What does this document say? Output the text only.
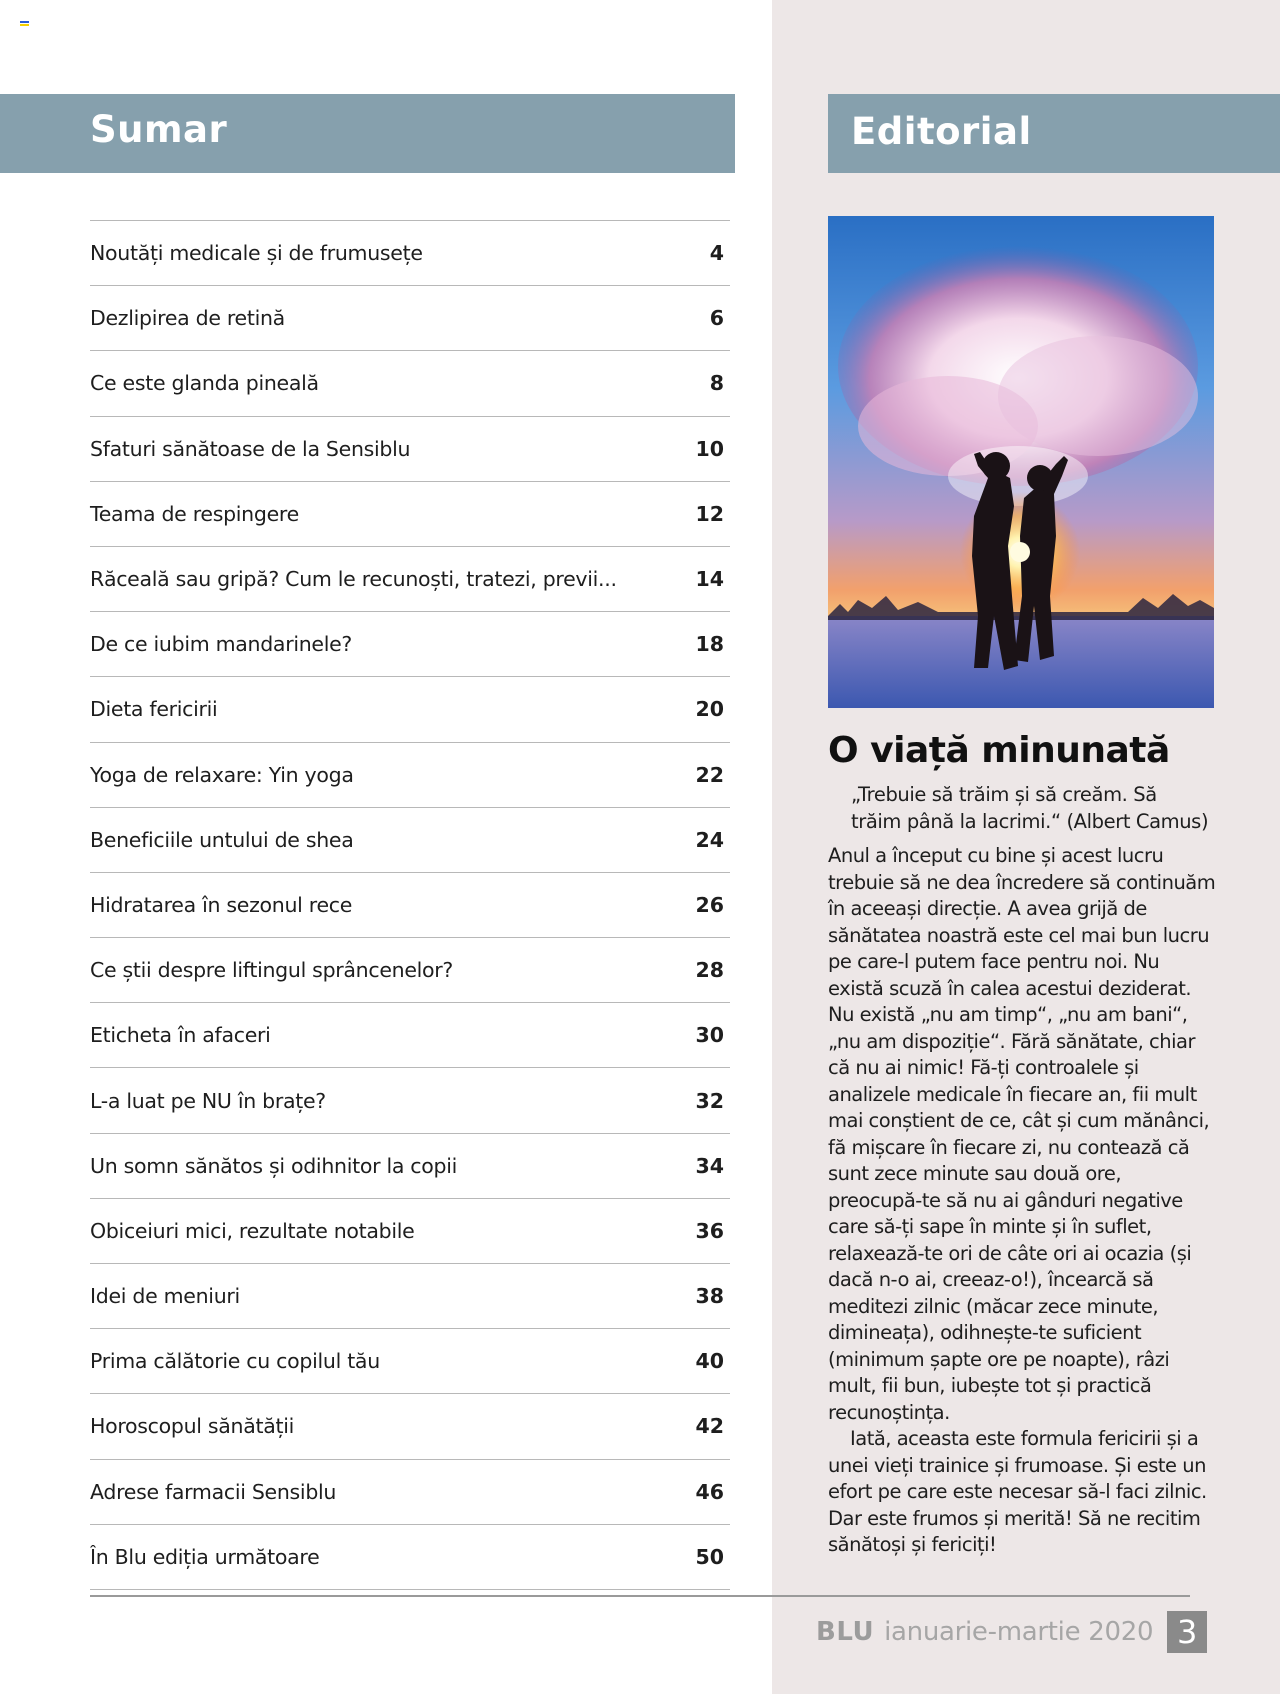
Sumar	Editorial
Noutăți medicale și de frumusețe	4
Dezlipirea de retină	6
Ce este glanda pineală	8
Sfaturi sănătoase de la Sensiblu	10
Teama de respingere	12
Răceală sau gripă? Cum le recunoști, tratezi, previi...	14
De ce iubim mandarinele?	18
Dieta fericirii	20
Yoga de relaxare: Yin yoga	22
Beneficiile untului de shea	24
Hidratarea în sezonul rece	26
Ce știi despre liftingul sprâncenelor?	28
Eticheta în afaceri	30
L-a luat pe NU în brațe?	32
Un somn sănătos și odihnitor la copii	34
Obiceiuri mici, rezultate notabile	36
Idei de meniuri	38
Prima călătorie cu copilul tău	40
Horoscopul sănătății	42
Adrese farmacii Sensiblu	46
În Blu ediția următoare	50
O viață minunată
„Trebuie să trăim și să creăm. Să trăim până la lacrimi.“ (Albert Camus)

Anul a început cu bine și acest lucru trebuie să ne dea încredere să continuăm în aceeași direcție. A avea grijă de sănătatea noastră este cel mai bun lucru pe care-l putem face pentru noi. Nu există scuză în calea acestui deziderat. Nu există „nu am timp“, „nu am bani“, „nu am dispoziție“. Fără sănătate, chiar că nu ai nimic! Fă-ți controalele și analizele medicale în fiecare an, fii mult mai conștient de ce, cât și cum mănânci, fă mișcare în fiecare zi, nu contează că sunt zece minute sau două ore, preocupă-te să nu ai gânduri negative care să-ți sape în minte și în suflet, relaxează-te ori de câte ori ai ocazia (și dacă n-o ai, creeaz-o!), încearcă să meditezi zilnic (măcar zece minute, dimineața), odihnește-te suficient (minimum șapte ore pe noapte), râzi mult, fii bun, iubește tot și practică recunoștința.

Iată, aceasta este formula fericirii și a unei vieți trainice și frumoase. Și este un efort pe care este necesar să-l faci zilnic. Dar este frumos și merită! Să ne recitim sănătoși și fericiți!

BLU ianuarie-martie 2020 3
